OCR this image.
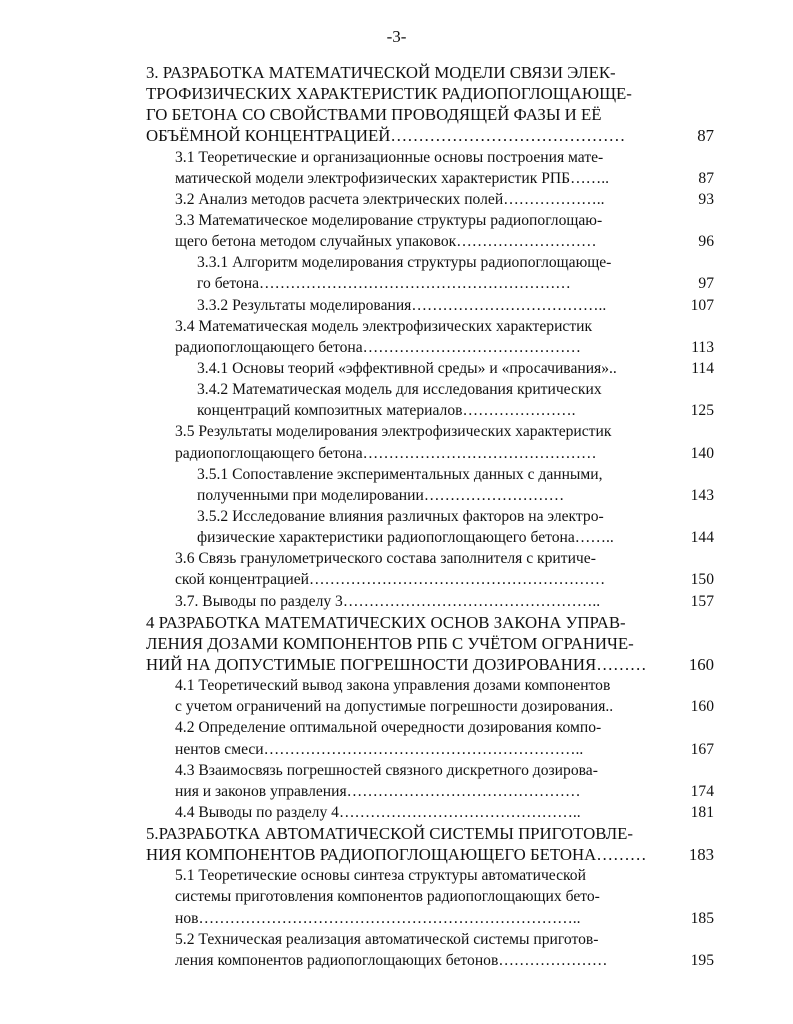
-3-
3. РАЗРАБОТКА МАТЕМАТИЧЕСКОЙ МОДЕЛИ СВЯЗИ ЭЛЕК-
ТРОФИЗИЧЕСКИХ ХАРАКТЕРИСТИК РАДИОПОГЛОЩАЮЩЕ-
ГО БЕТОНА СО СВОЙСТВАМИ ПРОВОДЯЩЕЙ ФАЗЫ И ЕЁ
ОБЪЁМНОЙ КОНЦЕНТРАЦИЕЙ……………………………………	87
3.1 Теоретические и организационные основы построения мате-
матической модели электрофизических характеристик РПБ……..	87
3.2 Анализ методов расчета электрических полей………………..	93
3.3 Математическое моделирование структуры радиопоглощаю-
щего бетона методом случайных упаковок………………………	96
3.3.1 Алгоритм моделирования структуры радиопоглощающе-
го бетона……………………………………………………	97
3.3.2 Результаты моделирования………………………………..	107
3.4 Математическая модель электрофизических характеристик
радиопоглощающего бетона……………………………………	113
3.4.1 Основы теорий «эффективной среды» и «просачивания»..	114
3.4.2 Математическая модель для исследования критических
концентраций композитных материалов………………….	125
3.5 Результаты моделирования электрофизических характеристик
радиопоглощающего бетона………………………………………	140
3.5.1 Сопоставление экспериментальных данных с данными,
полученными при моделировании………………………	143
3.5.2 Исследование влияния различных факторов на электро-
физические характеристики радиопоглощающего бетона……..	144
3.6 Связь гранулометрического состава заполнителя с критиче-
ской концентрацией…………………………………………………	150
3.7. Выводы по разделу 3…………………………………………..	157
4 РАЗРАБОТКА МАТЕМАТИЧЕСКИХ ОСНОВ ЗАКОНА УПРАВ-
ЛЕНИЯ ДОЗАМИ КОМПОНЕНТОВ РПБ С УЧЁТОМ ОГРАНИЧЕ-
НИЙ НА ДОПУСТИМЫЕ ПОГРЕШНОСТИ ДОЗИРОВАНИЯ………	160
4.1 Теоретический вывод закона управления дозами компонентов
с учетом ограничений на допустимые погрешности дозирования..	160
4.2 Определение оптимальной очередности дозирования компо-
нентов смеси……………………………………………………..	167
4.3 Взаимосвязь погрешностей связного дискретного дозирова-
ния и законов управления………………………………………	174
4.4 Выводы по разделу 4………………………………………..	181
5.РАЗРАБОТКА АВТОМАТИЧЕСКОЙ СИСТЕМЫ ПРИГОТОВЛЕ-
НИЯ КОМПОНЕНТОВ РАДИОПОГЛОЩАЮЩЕГО БЕТОНА………	183
5.1 Теоретические основы синтеза структуры автоматической
системы приготовления компонентов радиопоглощающих бето-
нов………………………………………………………………..	185
5.2 Техническая реализация автоматической системы приготов-
ления компонентов радиопоглощающих бетонов…………………	195
